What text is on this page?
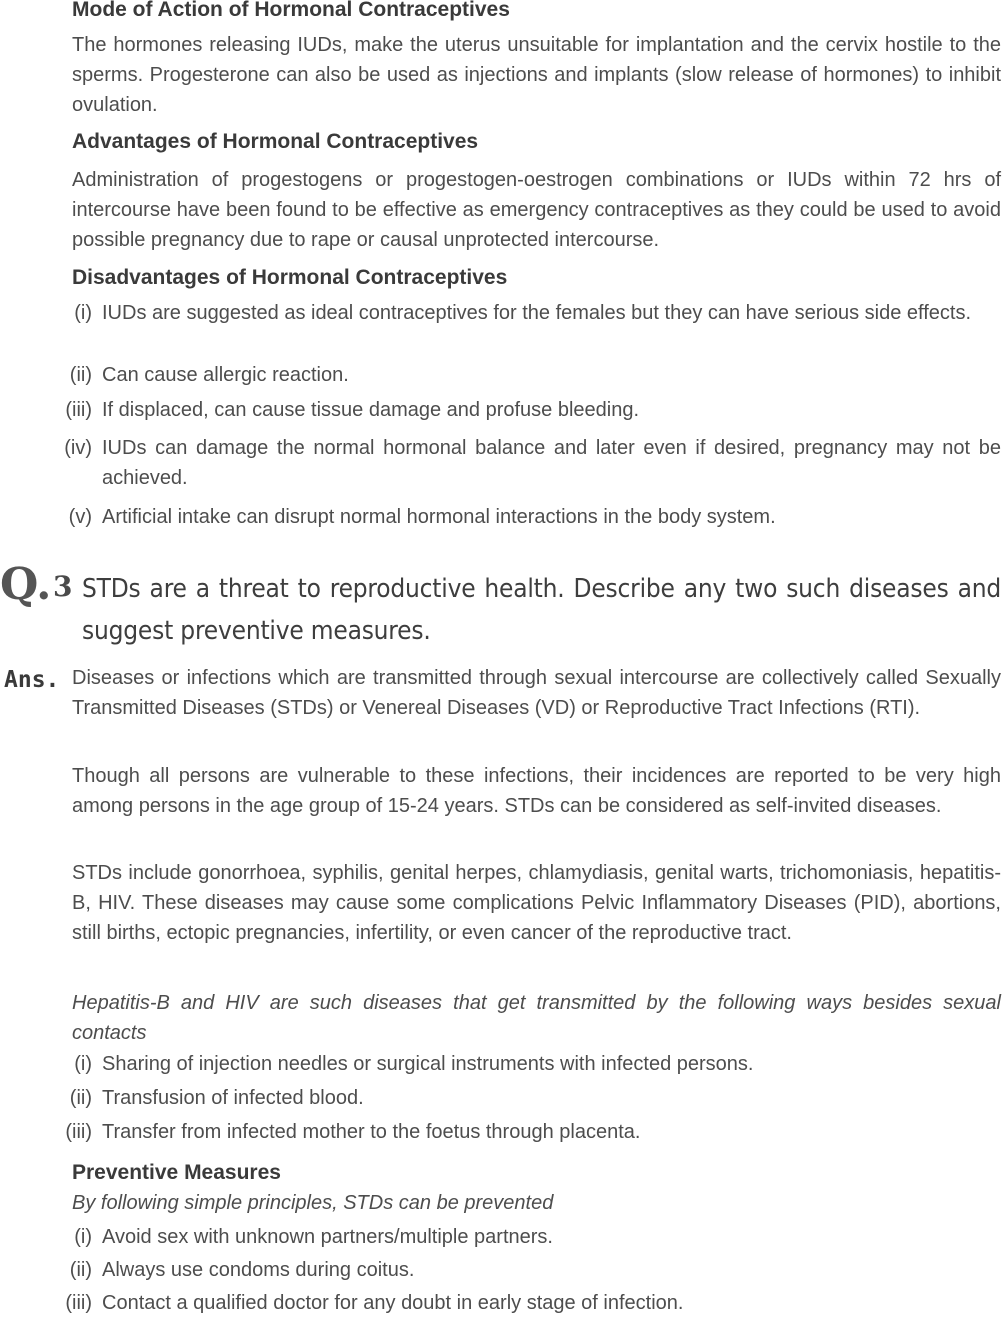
Mode of Action of Hormonal Contraceptives
The hormones releasing IUDs, make the uterus unsuitable for implantation and the cervix hostile to the sperms. Progesterone can also be used as injections and implants (slow release of hormones) to inhibit ovulation.
Advantages of Hormonal Contraceptives
Administration of progestogens or progestogen-oestrogen combinations or IUDs within 72 hrs of intercourse have been found to be effective as emergency contraceptives as they could be used to avoid possible pregnancy due to rape or causal unprotected intercourse.
Disadvantages of Hormonal Contraceptives
(i) IUDs are suggested as ideal contraceptives for the females but they can have serious side effects.
(ii) Can cause allergic reaction.
(iii) If displaced, can cause tissue damage and profuse bleeding.
(iv) IUDs can damage the normal hormonal balance and later even if desired, pregnancy may not be achieved.
(v) Artificial intake can disrupt normal hormonal interactions in the body system.
Q. 3 STDs are a threat to reproductive health. Describe any two such diseases and suggest preventive measures.
Ans. Diseases or infections which are transmitted through sexual intercourse are collectively called Sexually Transmitted Diseases (STDs) or Venereal Diseases (VD) or Reproductive Tract Infections (RTI).
Though all persons are vulnerable to these infections, their incidences are reported to be very high among persons in the age group of 15-24 years. STDs can be considered as self-invited diseases.
STDs include gonorrhoea, syphilis, genital herpes, chlamydiasis, genital warts, trichomoniasis, hepatitis-B, HIV. These diseases may cause some complications Pelvic Inflammatory Diseases (PID), abortions, still births, ectopic pregnancies, infertility, or even cancer of the reproductive tract.
Hepatitis-B and HIV are such diseases that get transmitted by the following ways besides sexual contacts
(i) Sharing of injection needles or surgical instruments with infected persons.
(ii) Transfusion of infected blood.
(iii) Transfer from infected mother to the foetus through placenta.
Preventive Measures
By following simple principles, STDs can be prevented
(i) Avoid sex with unknown partners/multiple partners.
(ii) Always use condoms during coitus.
(iii) Contact a qualified doctor for any doubt in early stage of infection.
